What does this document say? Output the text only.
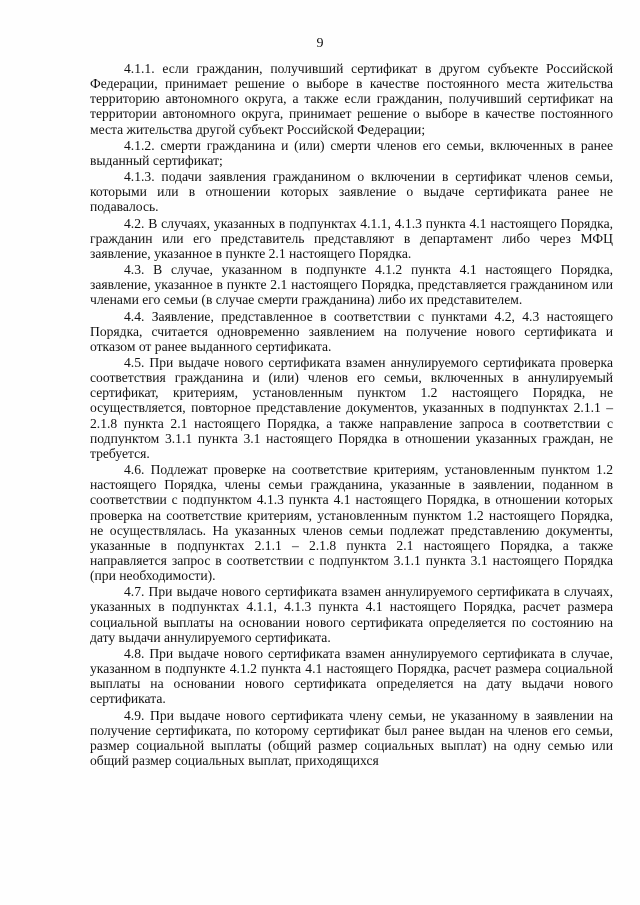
9

4.1.1. если гражданин, получивший сертификат в другом субъекте Российской Федерации, принимает решение о выборе в качестве постоянного места жительства территорию автономного округа, а также если гражданин, получивший сертификат на территории автономного округа, принимает решение о выборе в качестве постоянного места жительства другой субъект Российской Федерации;

4.1.2. смерти гражданина и (или) смерти членов его семьи, включенных в ранее выданный сертификат;

4.1.3. подачи заявления гражданином о включении в сертификат членов семьи, которыми или в отношении которых заявление о выдаче сертификата ранее не подавалось.

4.2. В случаях, указанных в подпунктах 4.1.1, 4.1.3 пункта 4.1 настоящего Порядка, гражданин или его представитель представляют в департамент либо через МФЦ заявление, указанное в пункте 2.1 настоящего Порядка.

4.3. В случае, указанном в подпункте 4.1.2 пункта 4.1 настоящего Порядка, заявление, указанное в пункте 2.1 настоящего Порядка, представляется гражданином или членами его семьи (в случае смерти гражданина) либо их представителем.

4.4. Заявление, представленное в соответствии с пунктами 4.2, 4.3 настоящего Порядка, считается одновременно заявлением на получение нового сертификата и отказом от ранее выданного сертификата.

4.5. При выдаче нового сертификата взамен аннулируемого сертификата проверка соответствия гражданина и (или) членов его семьи, включенных в аннулируемый сертификат, критериям, установленным пунктом 1.2 настоящего Порядка, не осуществляется, повторное представление документов, указанных в подпунктах 2.1.1 – 2.1.8 пункта 2.1 настоящего Порядка, а также направление запроса в соответствии с подпунктом 3.1.1 пункта 3.1 настоящего Порядка в отношении указанных граждан, не требуется.

4.6. Подлежат проверке на соответствие критериям, установленным пунктом 1.2 настоящего Порядка, члены семьи гражданина, указанные в заявлении, поданном в соответствии с подпунктом 4.1.3 пункта 4.1 настоящего Порядка, в отношении которых проверка на соответствие критериям, установленным пунктом 1.2 настоящего Порядка, не осуществлялась. На указанных членов семьи подлежат представлению документы, указанные в подпунктах 2.1.1 – 2.1.8 пункта 2.1 настоящего Порядка, а также направляется запрос в соответствии с подпунктом 3.1.1 пункта 3.1 настоящего Порядка (при необходимости).

4.7. При выдаче нового сертификата взамен аннулируемого сертификата в случаях, указанных в подпунктах 4.1.1, 4.1.3 пункта 4.1 настоящего Порядка, расчет размера социальной выплаты на основании нового сертификата определяется по состоянию на дату выдачи аннулируемого сертификата.

4.8. При выдаче нового сертификата взамен аннулируемого сертификата в случае, указанном в подпункте 4.1.2 пункта 4.1 настоящего Порядка, расчет размера социальной выплаты на основании нового сертификата определяется на дату выдачи нового сертификата.

4.9. При выдаче нового сертификата члену семьи, не указанному в заявлении на получение сертификата, по которому сертификат был ранее выдан на членов его семьи, размер социальной выплаты (общий размер социальных выплат) на одну семью или общий размер социальных выплат, приходящихся
